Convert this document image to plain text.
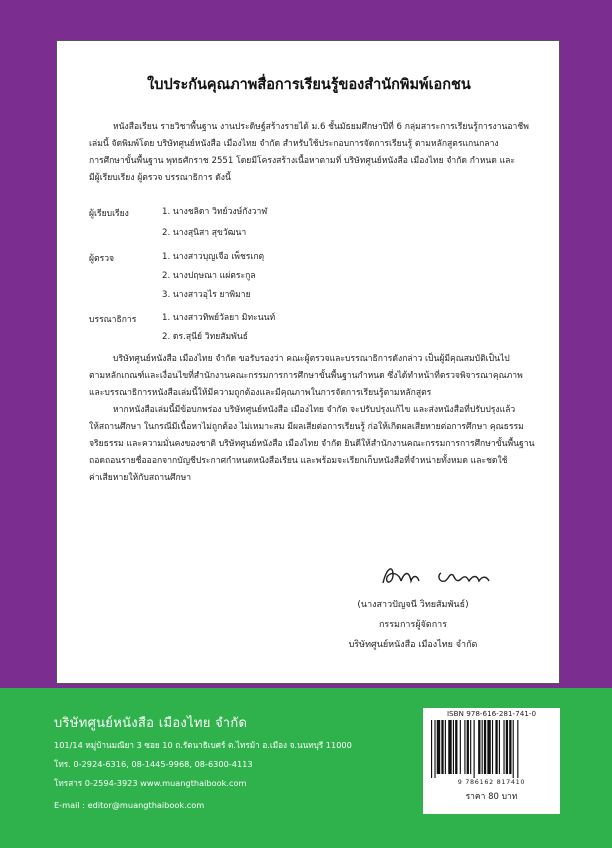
ใบประกันคุณภาพสื่อการเรียนรู้ของสำนักพิมพ์เอกชน
หนังสือเรียน รายวิชาพื้นฐาน งานประดิษฐ์สร้างรายได้ ม.6 ชั้นมัธยมศึกษาปีที่ 6 กลุ่มสาระการเรียนรู้การงานอาชีพ
เล่มนี้ จัดพิมพ์โดย บริษัทศูนย์หนังสือ เมืองไทย จำกัด สำหรับใช้ประกอบการจัดการเรียนรู้ ตามหลักสูตรแกนกลาง
การศึกษาขั้นพื้นฐาน พุทธศักราช 2551 โดยมีโครงสร้างเนื้อหาตามที่ บริษัทศูนย์หนังสือ เมืองไทย จำกัด กำหนด และ
มีผู้เรียบเรียง ผู้ตรวจ บรรณาธิการ ดังนี้
ผู้เรียบเรียง	1. นางชลิดา วิทย์วงษ์กังวาฬ
2. นางสุนิสา สุขวัฒนา
ผู้ตรวจ	1. นางสาวบุญเจือ เพ็ชรเกตุ
2. นางปฤษณา แผ่ตระกูล
3. นางสาวอุไร ยาพิมาย
บรรณาธิการ	1. นางสาวทิพย์วัลยา มิทะนนท์
2. ดร.สุนีย์ วิทยสัมพันธ์
บริษัทศูนย์หนังสือ เมืองไทย จำกัด ขอรับรองว่า คณะผู้ตรวจและบรรณาธิการดังกล่าว เป็นผู้มีคุณสมบัติเป็นไป
ตามหลักเกณฑ์และเงื่อนไขที่สำนักงานคณะกรรมการการศึกษาขั้นพื้นฐานกำหนด ซึ่งได้ทำหน้าที่ตรวจพิจารณาคุณภาพ
และบรรณาธิการหนังสือเล่มนี้ให้มีความถูกต้องและมีคุณภาพในการจัดการเรียนรู้ตามหลักสูตร
หากหนังสือเล่มนี้มีข้อบกพร่อง บริษัทศูนย์หนังสือ เมืองไทย จำกัด จะปรับปรุงแก้ไข และส่งหนังสือที่ปรับปรุงแล้ว
ให้สถานศึกษา ในกรณีมีเนื้อหาไม่ถูกต้อง ไม่เหมาะสม มีผลเสียต่อการเรียนรู้ ก่อให้เกิดผลเสียหายต่อการศึกษา คุณธรรม
จริยธรรม และความมั่นคงของชาติ บริษัทศูนย์หนังสือ เมืองไทย จำกัด ยินดีให้สำนักงานคณะกรรมการการศึกษาขั้นพื้นฐาน
ถอดถอนรายชื่อออกจากบัญชีประกาศกำหนดหนังสือเรียน และพร้อมจะเรียกเก็บหนังสือที่จำหน่ายทั้งหมด และชดใช้
ค่าเสียหายให้กับสถานศึกษา
(นางสาวปัญจนี วิทยสัมพันธ์)
กรรมการผู้จัดการ
บริษัทศูนย์หนังสือ เมืองไทย จำกัด
บริษัทศูนย์หนังสือ เมืองไทย จำกัด
101/14 หมู่บ้านมณียา 3 ซอย 10 ถ.รัตนาธิเบศร์ ต.ไทรม้า อ.เมือง จ.นนทบุรี 11000
โทร. 0-2924-6316, 08-1445-9968, 08-6300-4113
โทรสาร 0-2594-3923 www.muangthaibook.com
E-mail : editor@muangthaibook.com
ISBN 978-616-281-741-0
9 786162 817410
ราคา 80 บาท
